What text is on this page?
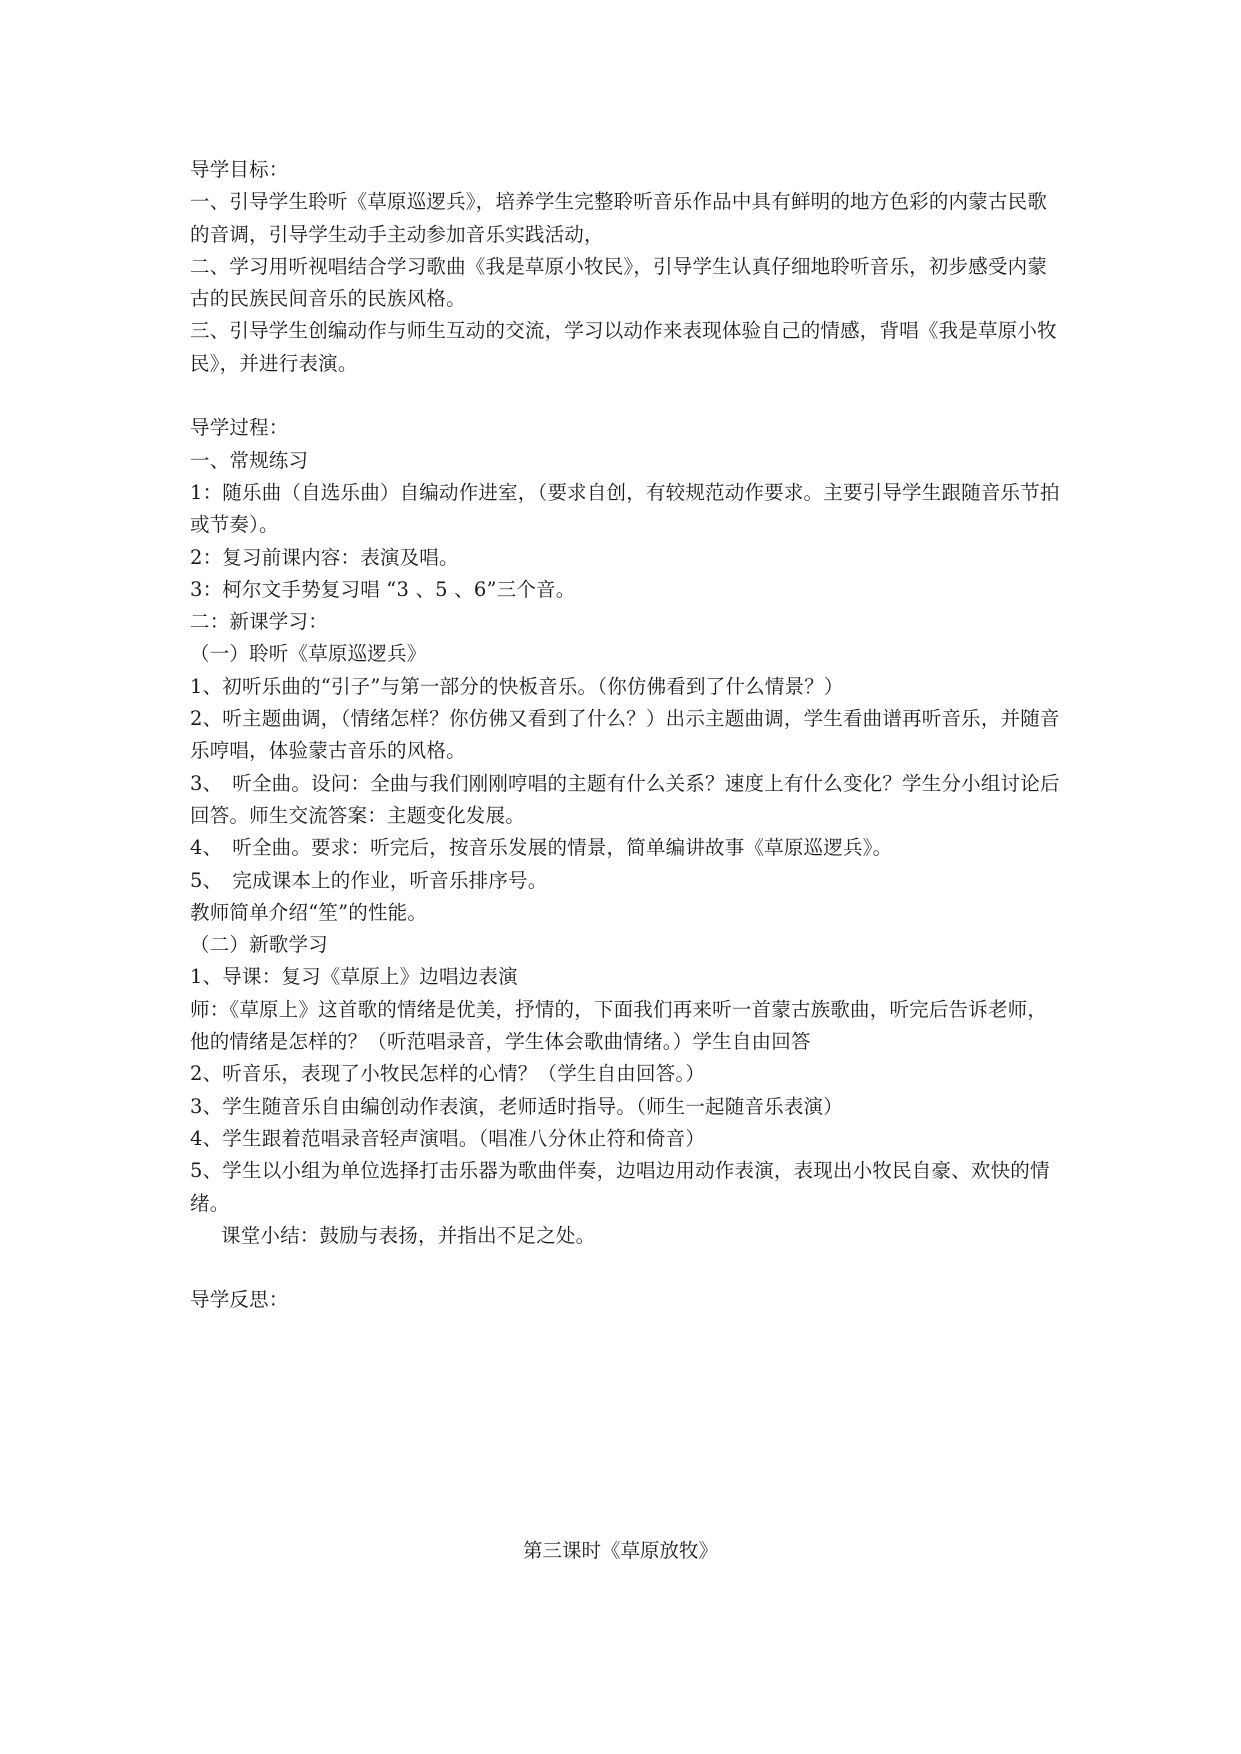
导学目标：

一、引导学生聆听《草原巡逻兵》，培养学生完整聆听音乐作品中具有鲜明的地方色彩的内蒙古民歌的音调，引导学生动手主动参加音乐实践活动，

二、学习用听视唱结合学习歌曲《我是草原小牧民》，引导学生认真仔细地聆听音乐，初步感受内蒙古的民族民间音乐的民族风格。

三、引导学生创编动作与师生互动的交流，学习以动作来表现体验自己的情感，背唱《我是草原小牧民》，并进行表演。

导学过程：

一、常规练习

1：随乐曲（自选乐曲）自编动作进室，（要求自创，有较规范动作要求。主要引导学生跟随音乐节拍或节奏）。

2：复习前课内容：表演及唱。

3：柯尔文手势复习唱 “3 、5 、6”三个音。

二：新课学习：

（一）聆听《草原巡逻兵》

1、初听乐曲的“引子”与第一部分的快板音乐。（你仿佛看到了什么情景？）

2、听主题曲调，（情绪怎样？你仿佛又看到了什么？）出示主题曲调，学生看曲谱再听音乐，并随音乐哼唱，体验蒙古音乐的风格。

3、　听全曲。设问：全曲与我们刚刚哼唱的主题有什么关系？速度上有什么变化？学生分小组讨论后回答。师生交流答案：主题变化发展。

4、　听全曲。要求：听完后，按音乐发展的情景，简单编讲故事《草原巡逻兵》。

5、　完成课本上的作业，听音乐排序号。

教师简单介绍“笙”的性能。

（二）新歌学习

1、导课：复习《草原上》边唱边表演

师：《草原上》这首歌的情绪是优美，抒情的，下面我们再来听一首蒙古族歌曲，听完后告诉老师，他的情绪是怎样的？（听范唱录音，学生体会歌曲情绪。）学生自由回答

2、听音乐，表现了小牧民怎样的心情？（学生自由回答。）

3、学生随音乐自由编创动作表演，老师适时指导。（师生一起随音乐表演）

4、学生跟着范唱录音轻声演唱。（唱准八分休止符和倚音）

5、学生以小组为单位选择打击乐器为歌曲伴奏，边唱边用动作表演，表现出小牧民自豪、欢快的情绪。

课堂小结：鼓励与表扬，并指出不足之处。

导学反思：

第三课时《草原放牧》
